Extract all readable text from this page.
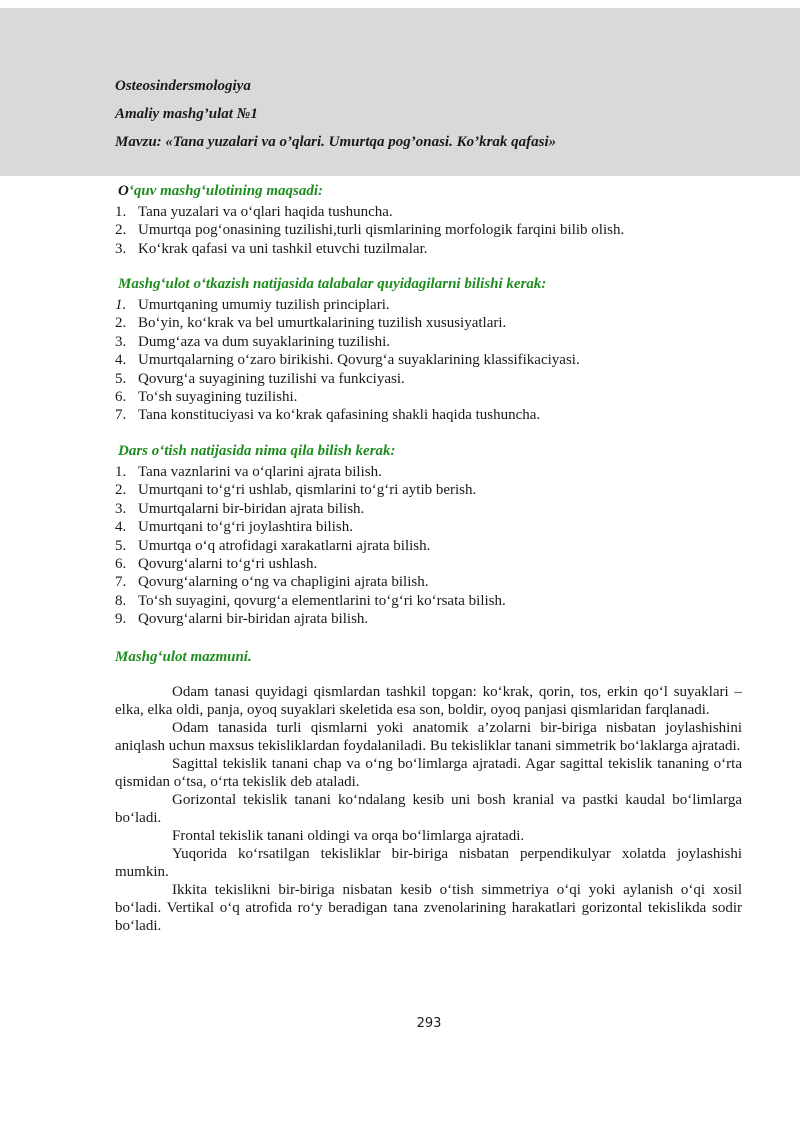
Osteosindersmologiya
Amaliy mashg’ulat №1
Mavzu: «Tana yuzalari va o’qlari. Umurtqa pog’onasi. Ko’krak qafasi»
O‘quv mashg‘ulotining maqsadi:
1. Tana yuzalari va o‘qlari haqida tushuncha.
2. Umurtqa pog‘onasining tuzilishi,turli qismlarining morfologik farqini bilib olish.
3. Ko‘krak qafasi va uni tashkil etuvchi tuzilmalar.
Mashg‘ulot o‘tkazish natijasida talabalar quyidagilarni bilishi kerak:
1. Umurtqaning umumiy tuzilish principlari.
2. Bo‘yin, ko‘krak va bel umurtkalarining tuzilish xususiyatlari.
3. Dumg‘aza va dum suyaklarining tuzilishi.
4. Umurtqalarning o‘zaro birikishi. Qovurg‘a suyaklarining klassifikaciyasi.
5. Qovurg‘a suyagining tuzilishi va funkciyasi.
6. To‘sh suyagining tuzilishi.
7. Tana konstituciyasi va ko‘krak qafasining shakli haqida tushuncha.
Dars o‘tish natijasida nima qila bilish kerak:
1. Tana vaznlarini va o‘qlarini ajrata bilish.
2. Umurtqani to‘g‘ri ushlab, qismlarini to‘g‘ri aytib berish.
3. Umurtqalarni bir-biridan ajrata bilish.
4. Umurtqani to‘g‘ri joylashtira bilish.
5. Umurtqa o‘q atrofidagi xarakatlarni ajrata bilish.
6. Qovurg‘alarni to‘g‘ri ushlash.
7. Qovurg‘alarning o‘ng va chapligini ajrata bilish.
8. To‘sh suyagini, qovurg‘a elementlarini to‘g‘ri ko‘rsata bilish.
9. Qovurg‘alarni bir-biridan ajrata bilish.
Mashg‘ulot mazmuni.

Odam tanasi quyidagi qismlardan tashkil topgan: ko‘krak, qorin, tos, erkin qo‘l suyaklari – elka, elka oldi, panja, oyoq suyaklari skeletida esa son, boldir, oyoq panjasi qismlaridan farqlanadi.

Odam tanasida turli qismlarni yoki anatomik a’zolarni bir-biriga nisbatan joylashishini aniqlash uchun maxsus tekisliklardan foydalaniladi. Bu tekisliklar tanani simmetrik bo‘laklarga ajratadi.

Sagittal tekislik tanani chap va o‘ng bo‘limlarga ajratadi. Agar sagittal tekislik tananing o‘rta qismidan o‘tsa, o‘rta tekislik deb ataladi.

Gorizontal tekislik tanani ko‘ndalang kesib uni bosh kranial va pastki kaudal bo‘limlarga bo‘ladi.

Frontal tekislik tanani oldingi va orqa bo‘limlarga ajratadi.

Yuqorida ko‘rsatilgan tekisliklar bir-biriga nisbatan perpendikulyar xolatda joylashishi mumkin.

Ikkita tekislikni bir-biriga nisbatan kesib o‘tish simmetriya o‘qi yoki aylanish o‘qi xosil bo‘ladi. Vertikal o‘q atrofida ro‘y beradigan tana zvenolarining harakatlari gorizontal tekislikda sodir bo‘ladi.

293
